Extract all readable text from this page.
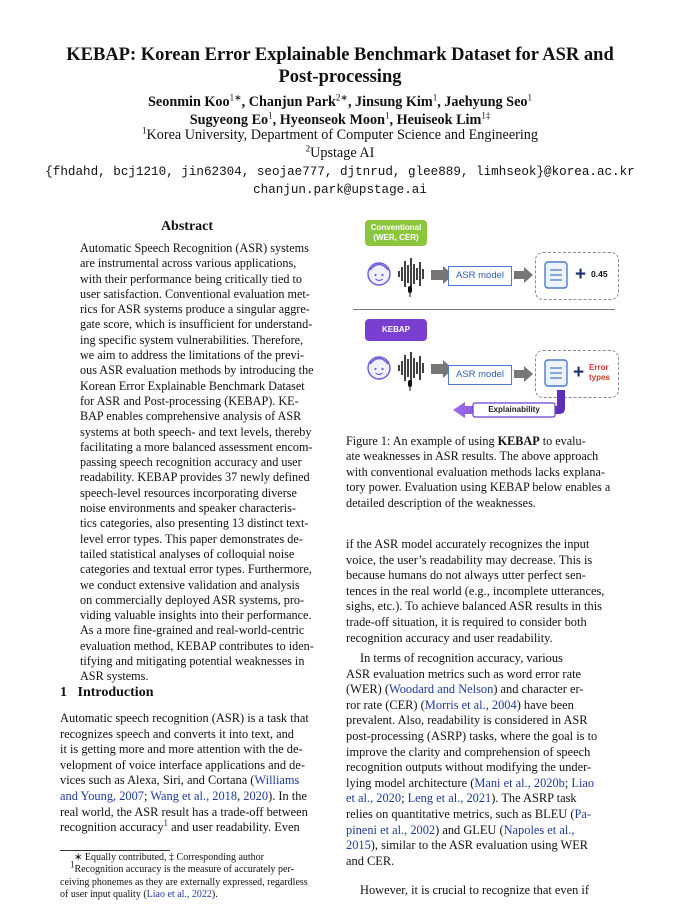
KEBAP: Korean Error Explainable Benchmark Dataset for ASR and
Post-processing
Seonmin Koo$^{1∗}$, Chanjun Park$^{2∗}$, Jinsung Kim$^1$, Jaehyung Seo$^1$
Sugyeong Eo$^1$, Hyeonseok Moon$^1$, Heuiseok Lim$^{1\ddagger}$
$^1$Korea University, Department of Computer Science and Engineering
$^2$Upstage AI
{fhdahd, bcj1210, jin62304, seojae777, djtnrud, glee889, limhseok}@korea.ac.kr
chanjun.park@upstage.ai
Abstract
Automatic Speech Recognition (ASR) systems
are instrumental across various applications,
with their performance being critically tied to
user satisfaction. Conventional evaluation met-
rics for ASR systems produce a singular aggre-
gate score, which is insufficient for understand-
ing specific system vulnerabilities. Therefore,
we aim to address the limitations of the previ-
ous ASR evaluation methods by introducing the
Korean Error Explainable Benchmark Dataset
for ASR and Post-processing (KEBAP). KE-
BAP enables comprehensive analysis of ASR
systems at both speech- and text levels, thereby
facilitating a more balanced assessment encom-
passing speech recognition accuracy and user
readability. KEBAP provides 37 newly defined
speech-level resources incorporating diverse
noise environments and speaker characteris-
tics categories, also presenting 13 distinct text-
level error types. This paper demonstrates de-
tailed statistical analyses of colloquial noise
categories and textual error types. Furthermore,
we conduct extensive validation and analysis
on commercially deployed ASR systems, pro-
viding valuable insights into their performance.
As a more fine-grained and real-world-centric
evaluation method, KEBAP contributes to iden-
tifying and mitigating potential weaknesses in
ASR systems.
1 Introduction
Automatic speech recognition (ASR) is a task that
recognizes speech and converts it into text, and
it is getting more and more attention with the de-
velopment of voice interface applications and de-
vices such as Alexa, Siri, and Cortana (Williams
and Young, 2007; Wang et al., 2018, 2020). In the
real world, the ASR result has a trade-off between
recognition accuracy$^1$ and user readability. Even
∗ Equally contributed, ‡ Corresponding author
$^1$Recognition accuracy is the measure of accurately per-
ceiving phonemes as they are externally expressed, regardless
of user input quality (Liao et al., 2022).
Conventional
(WER, CER)
ASR model	+ 0.45
KEBAP
ASR model	+ Error
types
Explainability
Figure 1: An example of using KEBAP to evalu-
ate weaknesses in ASR results. The above approach
with conventional evaluation methods lacks explana-
tory power. Evaluation using KEBAP below enables a
detailed description of the weaknesses.
if the ASR model accurately recognizes the input
voice, the user’s readability may decrease. This is
because humans do not always utter perfect sen-
tences in the real world (e.g., incomplete utterances,
sighs, etc.). To achieve balanced ASR results in this
trade-off situation, it is required to consider both
recognition accuracy and user readability.
In terms of recognition accuracy, various
ASR evaluation metrics such as word error rate
(WER) (Woodard and Nelson) and character er-
ror rate (CER) (Morris et al., 2004) have been
prevalent. Also, readability is considered in ASR
post-processing (ASRP) tasks, where the goal is to
improve the clarity and comprehension of speech
recognition outputs without modifying the under-
lying model architecture (Mani et al., 2020b; Liao
et al., 2020; Leng et al., 2021). The ASRP task
relies on quantitative metrics, such as BLEU (Pa-
pineni et al., 2002) and GLEU (Napoles et al.,
2015), similar to the ASR evaluation using WER
and CER.
However, it is crucial to recognize that even if
